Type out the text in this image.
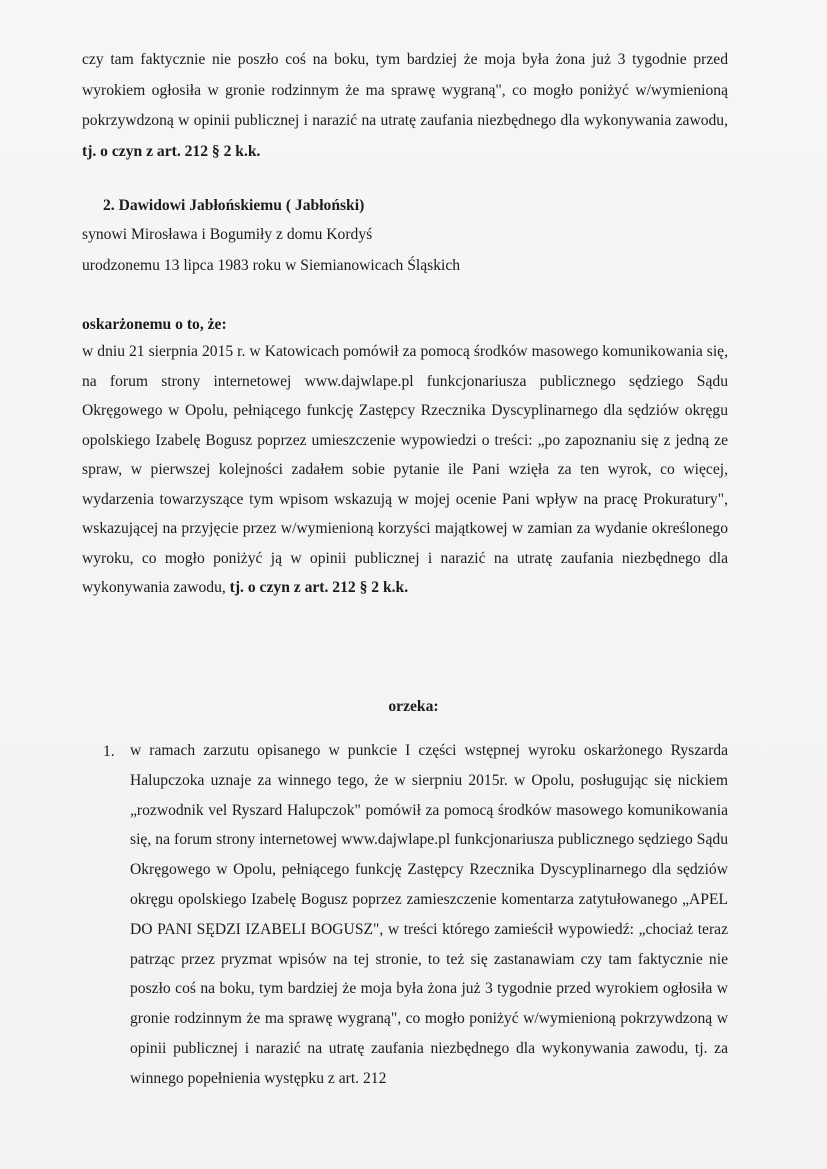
czy tam faktycznie nie poszło coś na boku, tym bardziej że moja była żona już 3 tygodnie przed wyrokiem ogłosiła w gronie rodzinnym że ma sprawę wygraną", co mogło poniżyć w/wymienioną pokrzywdzoną w opinii publicznej i narazić na utratę zaufania niezbędnego dla wykonywania zawodu, tj. o czyn z art. 212 § 2 k.k.

2. Dawidowi Jabłońskiemu ( Jabłoński)

synowi Mirosława i Bogumiły z domu Kordyś

urodzonemu 13 lipca 1983 roku w Siemianowicach Śląskich

oskarżonemu o to, że:

w dniu 21 sierpnia 2015 r. w Katowicach pomówił za pomocą środków masowego komunikowania się, na forum strony internetowej www.dajwlape.pl funkcjonariusza publicznego sędziego Sądu Okręgowego w Opolu, pełniącego funkcję Zastępcy Rzecznika Dyscyplinarnego dla sędziów okręgu opolskiego Izabelę Bogusz poprzez umieszczenie wypowiedzi o treści: „po zapoznaniu się z jedną ze spraw, w pierwszej kolejności zadałem sobie pytanie ile Pani wzięła za ten wyrok, co więcej, wydarzenia towarzyszące tym wpisom wskazują w mojej ocenie Pani wpływ na pracę Prokuratury", wskazującej na przyjęcie przez w/wymienioną korzyści majątkowej w zamian za wydanie określonego wyroku, co mogło poniżyć ją w opinii publicznej i narazić na utratę zaufania niezbędnego dla wykonywania zawodu, tj. o czyn z art. 212 § 2 k.k.

orzeka:

1. w ramach zarzutu opisanego w punkcie I części wstępnej wyroku oskarżonego Ryszarda Halupczoka uznaje za winnego tego, że w sierpniu 2015r. w Opolu, posługując się nickiem „rozwodnik vel Ryszard Halupczok" pomówił za pomocą środków masowego komunikowania się, na forum strony internetowej www.dajwlape.pl funkcjonariusza publicznego sędziego Sądu Okręgowego w Opolu, pełniącego funkcję Zastępcy Rzecznika Dyscyplinarnego dla sędziów okręgu opolskiego Izabelę Bogusz poprzez zamieszczenie komentarza zatytułowanego „APEL DO PANI SĘDZI IZABELI BOGUSZ", w treści którego zamieścił wypowiedź: „chociaż teraz patrząc przez pryzmat wpisów na tej stronie, to też się zastanawiam czy tam faktycznie nie poszło coś na boku, tym bardziej że moja była żona już 3 tygodnie przed wyrokiem ogłosiła w gronie rodzinnym że ma sprawę wygraną", co mogło poniżyć w/wymienioną pokrzywdzoną w opinii publicznej i narazić na utratę zaufania niezbędnego dla wykonywania zawodu, tj. za winnego popełnienia występku z art. 212
